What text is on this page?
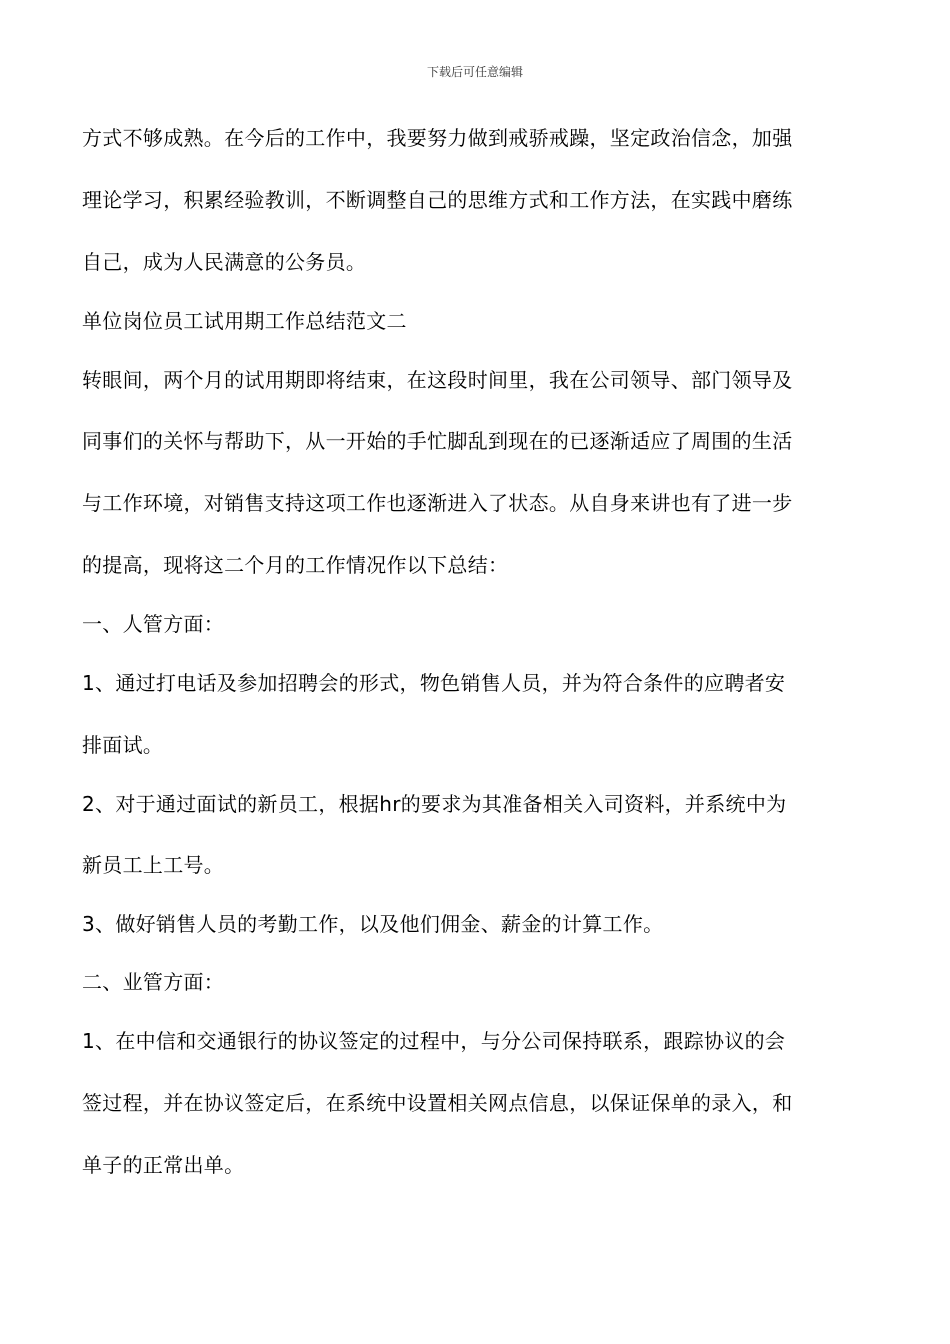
下载后可任意编辑
方式不够成熟。在今后的工作中，我要努力做到戒骄戒躁，坚定政治信念，加强
理论学习，积累经验教训，不断调整自己的思维方式和工作方法，在实践中磨练
自己，成为人民满意的公务员。
单位岗位员工试用期工作总结范文二
转眼间，两个月的试用期即将结束，在这段时间里，我在公司领导、部门领导及
同事们的关怀与帮助下，从一开始的手忙脚乱到现在的已逐渐适应了周围的生活
与工作环境，对销售支持这项工作也逐渐进入了状态。从自身来讲也有了进一步
的提高，现将这二个月的工作情况作以下总结：
一、人管方面：
1、通过打电话及参加招聘会的形式，物色销售人员，并为符合条件的应聘者安
排面试。
2、对于通过面试的新员工，根据hr的要求为其准备相关入司资料，并系统中为
新员工上工号。
3、做好销售人员的考勤工作，以及他们佣金、薪金的计算工作。
二、业管方面：
1、在中信和交通银行的协议签定的过程中，与分公司保持联系，跟踪协议的会
签过程，并在协议签定后，在系统中设置相关网点信息，以保证保单的录入，和
单子的正常出单。
